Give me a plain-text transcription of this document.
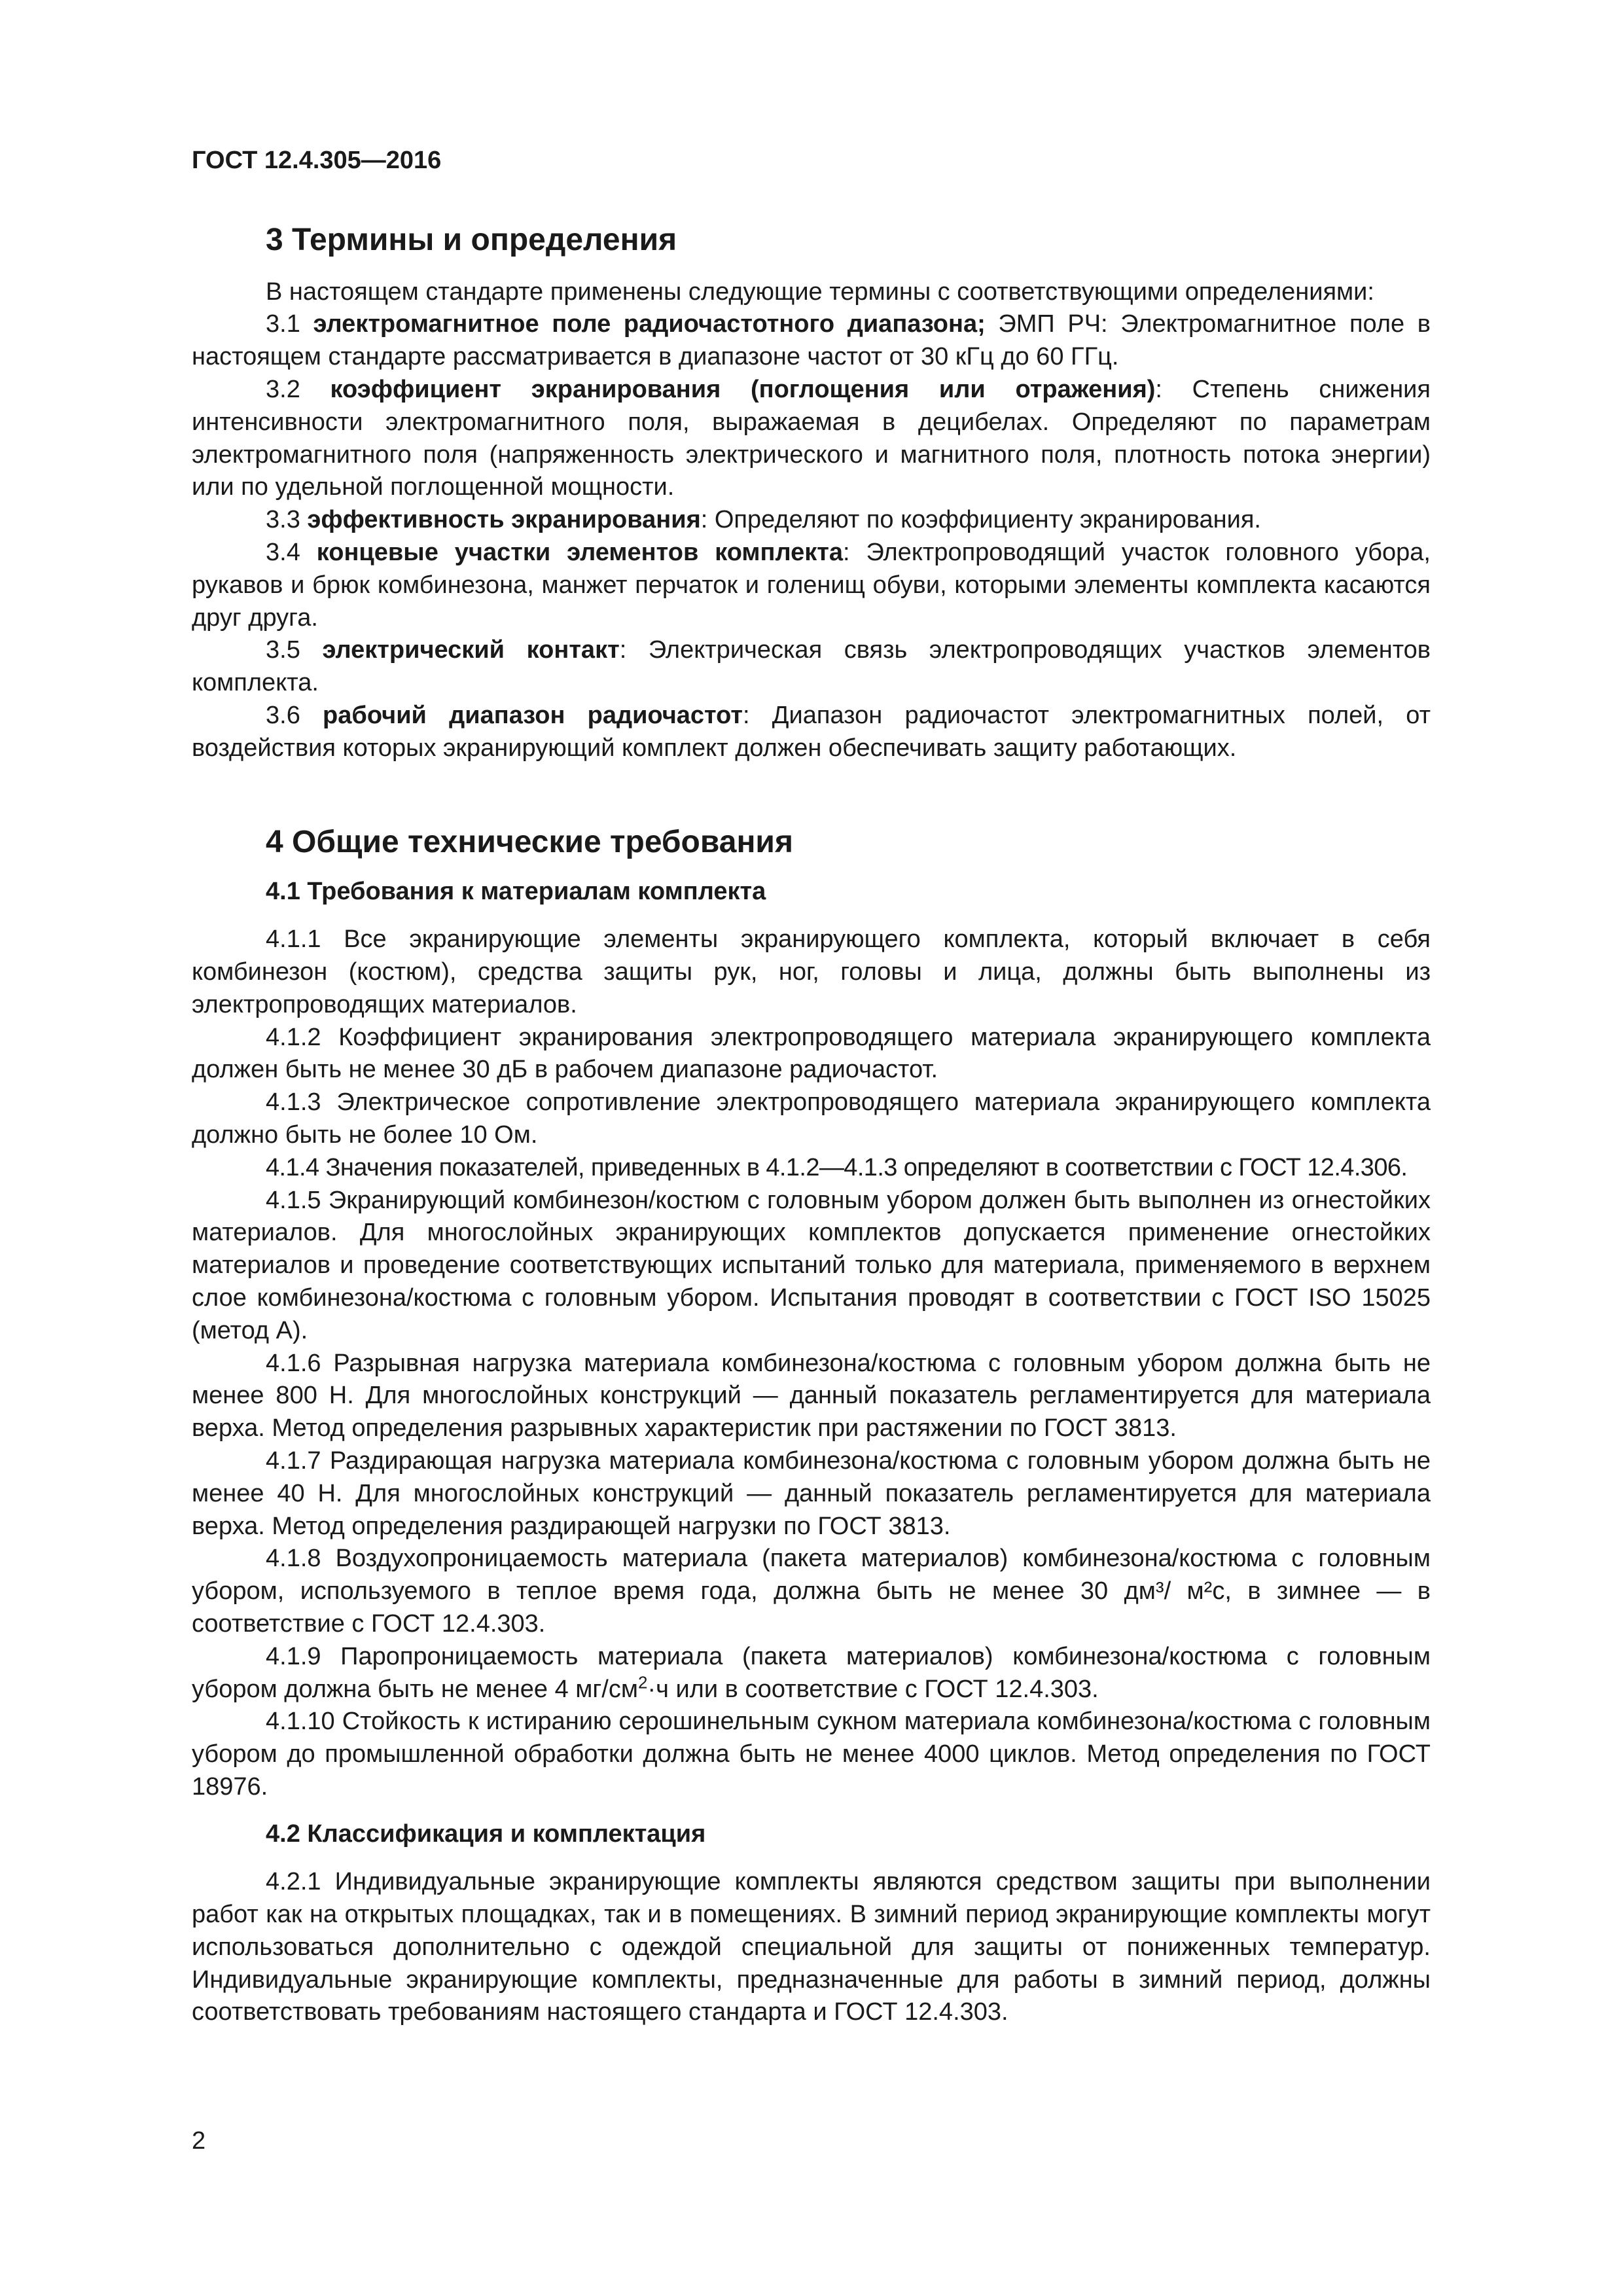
ГОСТ 12.4.305—2016
3 Термины и определения

В настоящем стандарте применены следующие термины с соответствующими определениями:

3.1 электромагнитное поле радиочастотного диапазона; ЭМП РЧ: Электромагнитное поле в настоящем стандарте рассматривается в диапазоне частот от 30 кГц до 60 ГГц.

3.2 коэффициент экранирования (поглощения или отражения): Степень снижения интенсивности электромагнитного поля, выражаемая в децибелах. Определяют по параметрам электромагнитного поля (напряженность электрического и магнитного поля, плотность потока энергии) или по удельной поглощенной мощности.

3.3 эффективность экранирования: Определяют по коэффициенту экранирования.

3.4 концевые участки элементов комплекта: Электропроводящий участок головного убора, рукавов и брюк комбинезона, манжет перчаток и голенищ обуви, которыми элементы комплекта касаются друг друга.

3.5 электрический контакт: Электрическая связь электропроводящих участков элементов комплекта.

3.6 рабочий диапазон радиочастот: Диапазон радиочастот электромагнитных полей, от воздействия которых экранирующий комплект должен обеспечивать защиту работающих.

4 Общие технические требования
4.1 Требования к материалам комплекта

4.1.1 Все экранирующие элементы экранирующего комплекта, который включает в себя комбинезон (костюм), средства защиты рук, ног, головы и лица, должны быть выполнены из электропроводящих материалов.

4.1.2 Коэффициент экранирования электропроводящего материала экранирующего комплекта должен быть не менее 30 дБ в рабочем диапазоне радиочастот.

4.1.3 Электрическое сопротивление электропроводящего материала экранирующего комплекта должно быть не более 10 Ом.

4.1.4 Значения показателей, приведенных в 4.1.2—4.1.3 определяют в соответствии с ГОСТ 12.4.306.

4.1.5 Экранирующий комбинезон/костюм с головным убором должен быть выполнен из огнестойких материалов. Для многослойных экранирующих комплектов допускается применение огнестойких материалов и проведение соответствующих испытаний только для материала, применяемого в верхнем слое комбинезона/костюма с головным убором. Испытания проводят в соответствии с ГОСТ ISO 15025 (метод А).

4.1.6 Разрывная нагрузка материала комбинезона/костюма с головным убором должна быть не менее 800 Н. Для многослойных конструкций — данный показатель регламентируется для материала верха. Метод определения разрывных характеристик при растяжении по ГОСТ 3813.

4.1.7 Раздирающая нагрузка материала комбинезона/костюма с головным убором должна быть не менее 40 Н. Для многослойных конструкций — данный показатель регламентируется для материала верха. Метод определения раздирающей нагрузки по ГОСТ 3813.

4.1.8 Воздухопроницаемость материала (пакета материалов) комбинезона/костюма с головным убором, используемого в теплое время года, должна быть не менее 30 дм³/ м²с, в зимнее — в соответствие с ГОСТ 12.4.303.

4.1.9 Паропроницаемость материала (пакета материалов) комбинезона/костюма с головным убором должна быть не менее 4 $мг/см^2\cdot ч$ или в соответствие с ГОСТ 12.4.303.

4.1.10 Стойкость к истиранию серошинельным сукном материала комбинезона/костюма с головным убором до промышленной обработки должна быть не менее 4000 циклов. Метод определения по ГОСТ 18976.

4.2 Классификация и комплектация

4.2.1 Индивидуальные экранирующие комплекты являются средством защиты при выполнении работ как на открытых площадках, так и в помещениях. В зимний период экранирующие комплекты могут использоваться дополнительно с одеждой специальной для защиты от пониженных температур. Индивидуальные экранирующие комплекты, предназначенные для работы в зимний период, должны соответствовать требованиям настоящего стандарта и ГОСТ 12.4.303.

2
